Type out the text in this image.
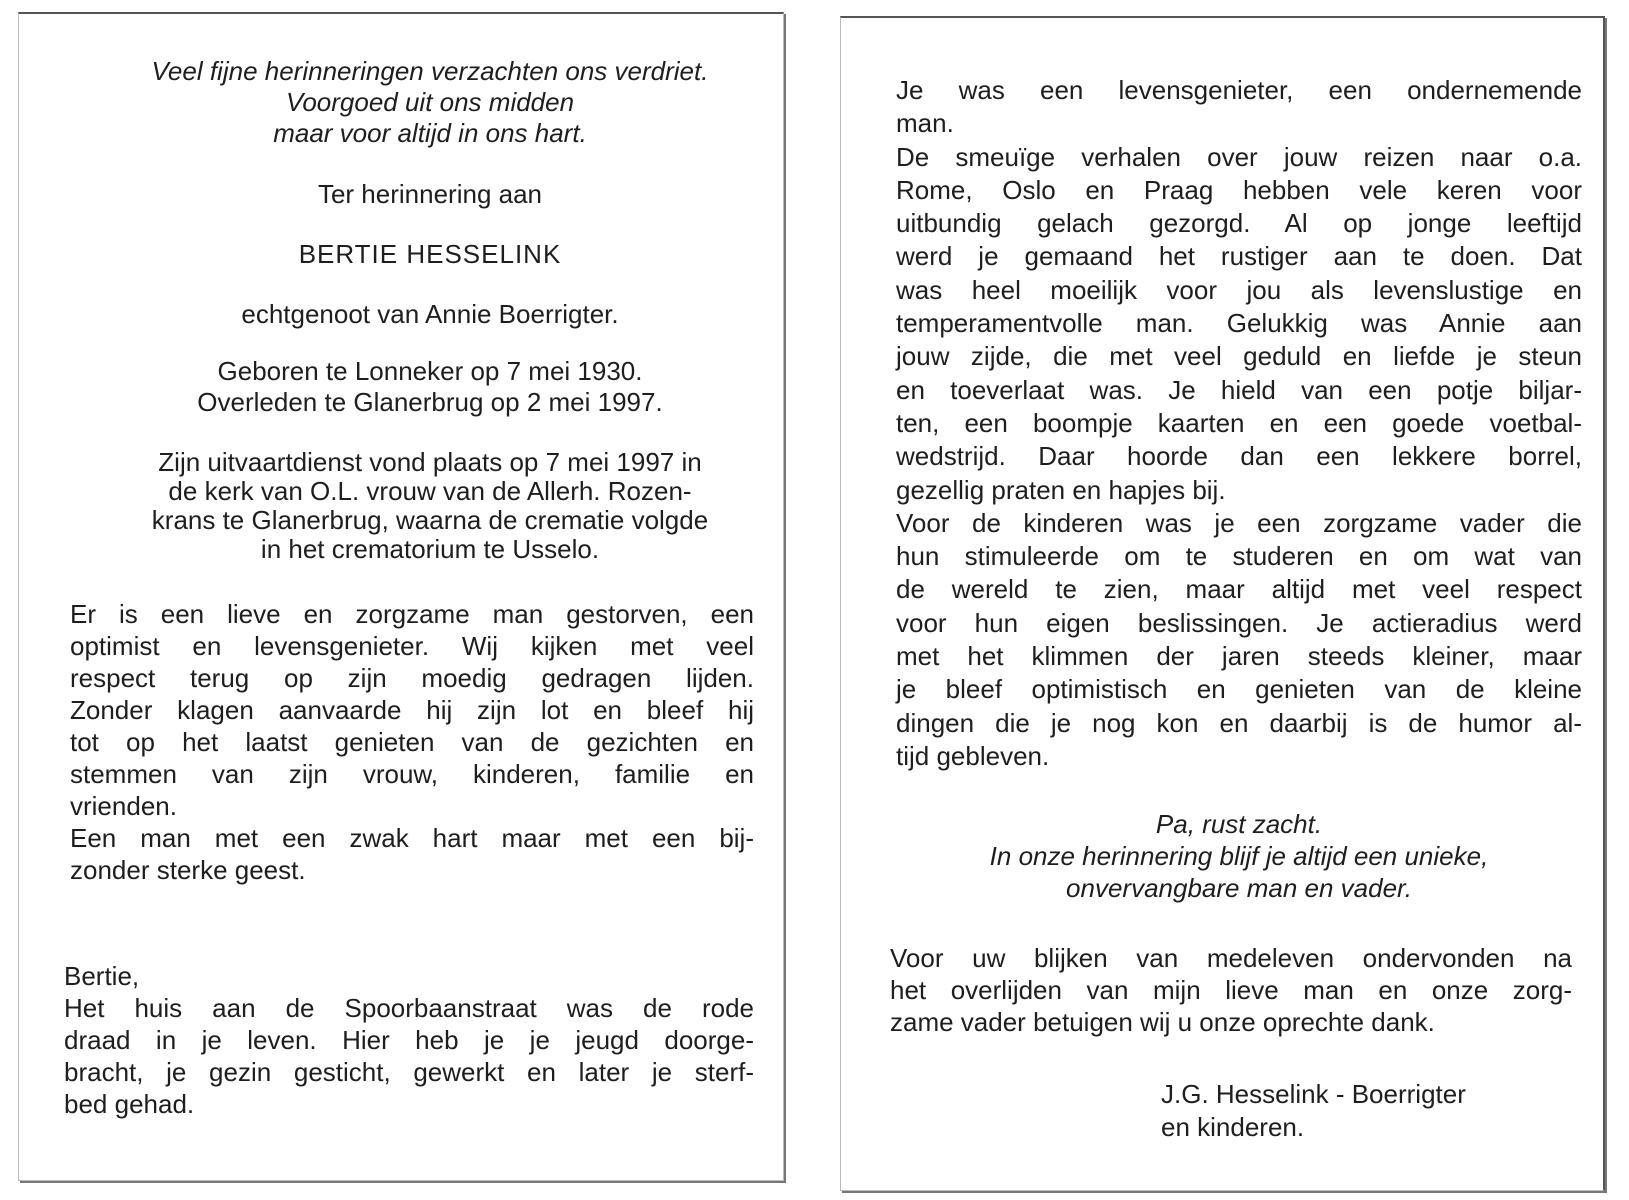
Veel fijne herinneringen verzachten ons verdriet.
Voorgoed uit ons midden
maar voor altijd in ons hart.
Ter herinnering aan
BERTIE HESSELINK
echtgenoot van Annie Boerrigter.
Geboren te Lonneker op 7 mei 1930.
Overleden te Glanerbrug op 2 mei 1997.
Zijn uitvaartdienst vond plaats op 7 mei 1997 in
de kerk van O.L. vrouw van de Allerh. Rozen-
krans te Glanerbrug, waarna de crematie volgde
in het crematorium te Usselo.
Er is een lieve en zorgzame man gestorven, een
optimist en levensgenieter. Wij kijken met veel
respect terug op zijn moedig gedragen lijden.
Zonder klagen aanvaarde hij zijn lot en bleef hij
tot op het laatst genieten van de gezichten en
stemmen van zijn vrouw, kinderen, familie en
vrienden.
Een man met een zwak hart maar met een bij-
zonder sterke geest.
Bertie,
Het huis aan de Spoorbaanstraat was de rode
draad in je leven. Hier heb je je jeugd doorge-
bracht, je gezin gesticht, gewerkt en later je sterf-
bed gehad.
Je was een levensgenieter, een ondernemende
man.
De smeuïge verhalen over jouw reizen naar o.a.
Rome, Oslo en Praag hebben vele keren voor
uitbundig gelach gezorgd. Al op jonge leeftijd
werd je gemaand het rustiger aan te doen. Dat
was heel moeilijk voor jou als levenslustige en
temperamentvolle man. Gelukkig was Annie aan
jouw zijde, die met veel geduld en liefde je steun
en toeverlaat was. Je hield van een potje biljar-
ten, een boompje kaarten en een goede voetbal-
wedstrijd. Daar hoorde dan een lekkere borrel,
gezellig praten en hapjes bij.
Voor de kinderen was je een zorgzame vader die
hun stimuleerde om te studeren en om wat van
de wereld te zien, maar altijd met veel respect
voor hun eigen beslissingen. Je actieradius werd
met het klimmen der jaren steeds kleiner, maar
je bleef optimistisch en genieten van de kleine
dingen die je nog kon en daarbij is de humor al-
tijd gebleven.
Pa, rust zacht.
In onze herinnering blijf je altijd een unieke,
onvervangbare man en vader.
Voor uw blijken van medeleven ondervonden na
het overlijden van mijn lieve man en onze zorg-
zame vader betuigen wij u onze oprechte dank.
J.G. Hesselink - Boerrigter
en kinderen.
